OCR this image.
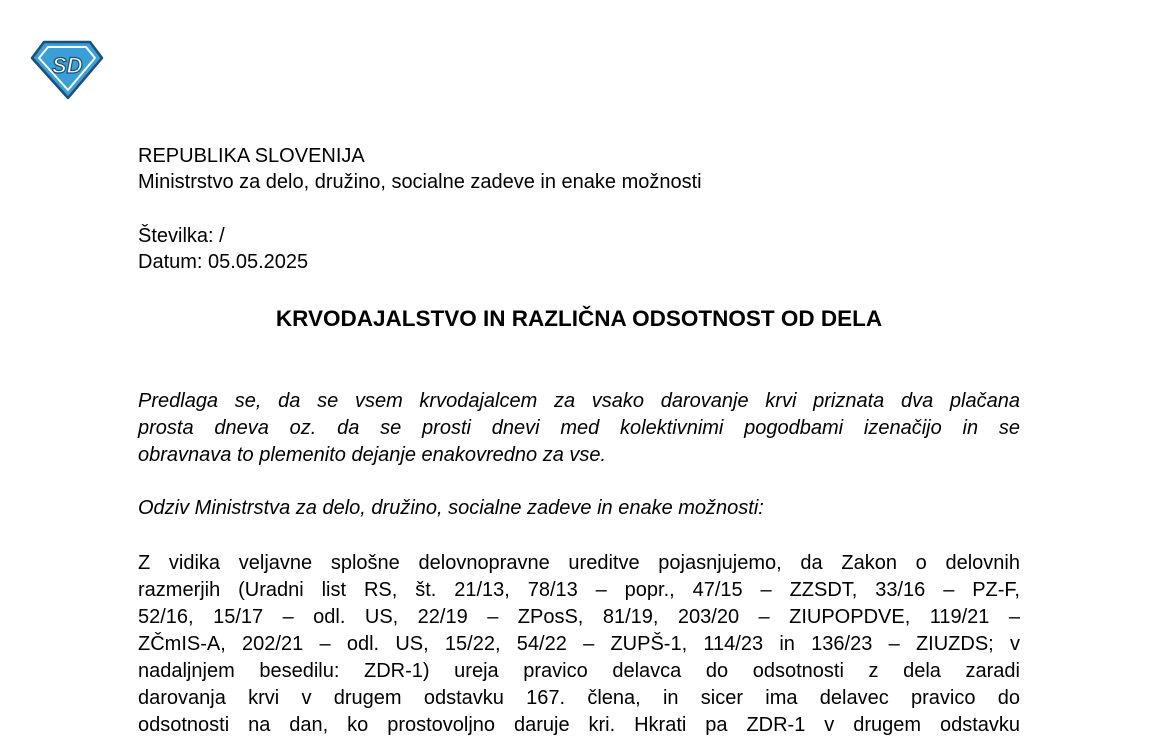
SD
REPUBLIKA SLOVENIJA
Ministrstvo za delo, družino, socialne zadeve in enake možnosti
Številka: /
Datum: 05.05.2025
KRVODAJALSTVO IN RAZLIČNA ODSOTNOST OD DELA
Predlaga se, da se vsem krvodajalcem za vsako darovanje krvi priznata dva plačana
prosta dneva oz. da se prosti dnevi med kolektivnimi pogodbami izenačijo in se
obravnava to plemenito dejanje enakovredno za vse.
Odziv Ministrstva za delo, družino, socialne zadeve in enake možnosti:
Z vidika veljavne splošne delovnopravne ureditve pojasnjujemo, da Zakon o delovnih
razmerjih (Uradni list RS, št. 21/13, 78/13 – popr., 47/15 – ZZSDT, 33/16 – PZ-F,
52/16, 15/17 – odl. US, 22/19 – ZPosS, 81/19, 203/20 – ZIUPOPDVE, 119/21 –
ZČmIS-A, 202/21 – odl. US, 15/22, 54/22 – ZUPŠ-1, 114/23 in 136/23 – ZIUZDS; v
nadaljnjem besedilu: ZDR-1) ureja pravico delavca do odsotnosti z dela zaradi
darovanja krvi v drugem odstavku 167. člena, in sicer ima delavec pravico do
odsotnosti na dan, ko prostovoljno daruje kri. Hkrati pa ZDR-1 v drugem odstavku
